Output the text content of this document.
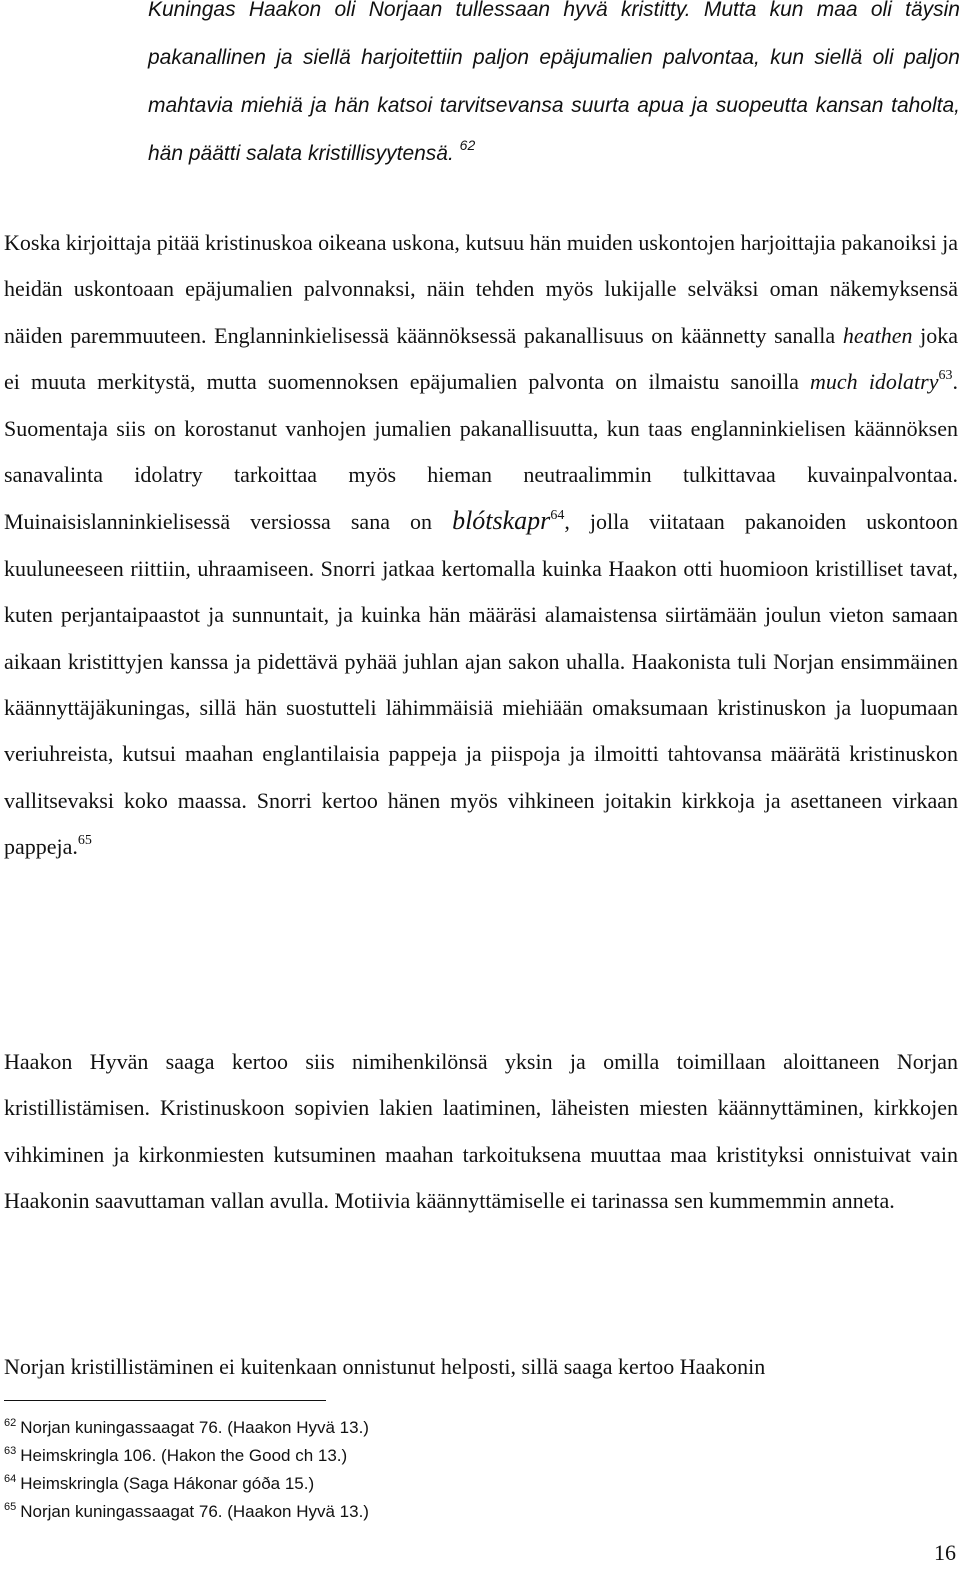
Kuningas Haakon oli Norjaan tullessaan hyvä kristitty. Mutta kun maa oli täysin pakanallinen ja siellä harjoitettiin paljon epäjumalien palvontaa, kun siellä oli paljon mahtavia miehiä ja hän katsoi tarvitsevansa suurta apua ja suopeutta kansan taholta, hän päätti salata kristillisyytensä. $^{62}$
Koska kirjoittaja pitää kristinuskoa oikeana uskona, kutsuu hän muiden uskontojen harjoittajia pakanoiksi ja heidän uskontoaan epäjumalien palvonnaksi, näin tehden myös lukijalle selväksi oman näkemyksensä näiden paremmuuteen. Englanninkielisessä käännöksessä pakanallisuus on käännetty sanalla heathen joka ei muuta merkitystä, mutta suomennoksen epäjumalien palvonta on ilmaistu sanoilla much idolatry$^{63}$. Suomentaja siis on korostanut vanhojen jumalien pakanallisuutta, kun taas englanninkielisen käännöksen sanavalinta idolatry tarkoittaa myös hieman neutraalimmin tulkittavaa kuvainpalvontaa. Muinaisislanninkielisessä versiossa sana on blótskapr$^{64}$, jolla viitataan pakanoiden uskontoon kuuluneeseen riittiin, uhraamiseen. Snorri jatkaa kertomalla kuinka Haakon otti huomioon kristilliset tavat, kuten perjantaipaastot ja sunnuntait, ja kuinka hän määräsi alamaistensa siirtämään joulun vieton samaan aikaan kristittyjen kanssa ja pidettävä pyhää juhlan ajan sakon uhalla. Haakonista tuli Norjan ensimmäinen käännyttäjäkuningas, sillä hän suostutteli lähimmäisiä miehiään omaksumaan kristinuskon ja luopumaan veriuhreista, kutsui maahan englantilaisia pappeja ja piispoja ja ilmoitti tahtovansa määrätä kristinuskon vallitsevaksi koko maassa. Snorri kertoo hänen myös vihkineen joitakin kirkkoja ja asettaneen virkaan pappeja.$^{65}$
Haakon Hyvän saaga kertoo siis nimihenkilönsä yksin ja omilla toimillaan aloittaneen Norjan kristillistämisen. Kristinuskoon sopivien lakien laatiminen, läheisten miesten käännyttäminen, kirkkojen vihkiminen ja kirkonmiesten kutsuminen maahan tarkoituksena muuttaa maa kristityksi onnistuivat vain Haakonin saavuttaman vallan avulla. Motiivia käännyttämiselle ei tarinassa sen kummemmin anneta.
Norjan kristillistäminen ei kuitenkaan onnistunut helposti, sillä saaga kertoo Haakonin
$^{62}$ Norjan kuningassaagat 76. (Haakon Hyvä 13.)
$^{63}$ Heimskringla 106. (Hakon the Good ch 13.)
$^{64}$ Heimskringla (Saga Hákonar góða 15.)
$^{65}$ Norjan kuningassaagat 76. (Haakon Hyvä 13.)
16
